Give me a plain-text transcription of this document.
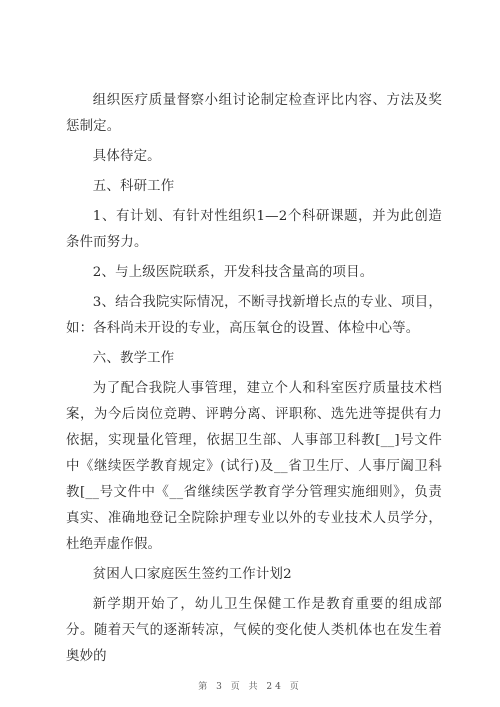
组织医疗质量督察小组讨论制定检查评比内容、方法及奖惩制定。

具体待定。

五、科研工作

1、有计划、有针对性组织1—2个科研课题，并为此创造条件而努力。

2、与上级医院联系，开发科技含量高的项目。

3、结合我院实际情况，不断寻找新增长点的专业、项目，如：各科尚未开设的专业，高压氧仓的设置、体检中心等。

六、教学工作

为了配合我院人事管理，建立个人和科室医疗质量技术档案，为今后岗位竞聘、评聘分离、评职称、选先进等提供有力依据，实现量化管理，依据卫生部、人事部卫科教[__]号文件中《继续医学教育规定》(试行)及__省卫生厅、人事厅阖卫科教[__号文件中《__省继续医学教育学分管理实施细则》，负责真实、准确地登记全院除护理专业以外的专业技术人员学分，杜绝弄虚作假。

贫困人口家庭医生签约工作计划2

新学期开始了，幼儿卫生保健工作是教育重要的组成部分。随着天气的逐渐转凉，气候的变化使人类机体也在发生着奥妙的

第 3 页 共 24 页
